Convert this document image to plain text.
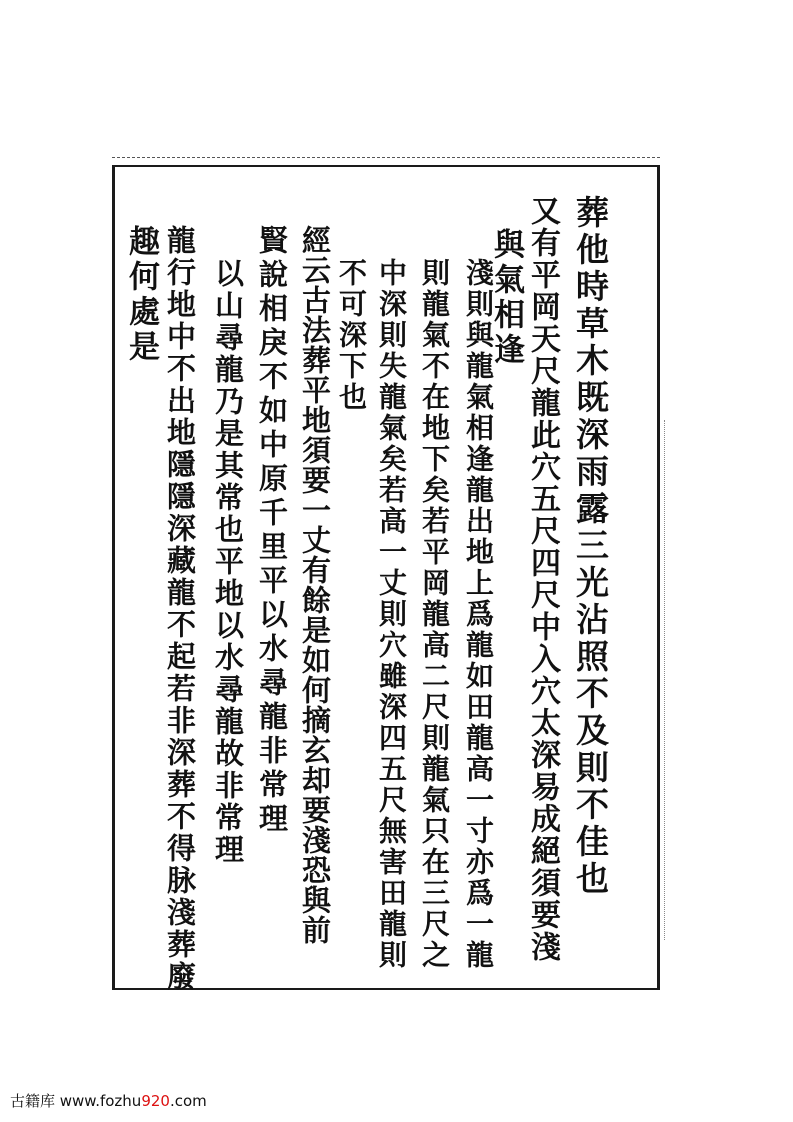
葬他時草木既深雨露三光沾照不及則不佳也
又有平岡天尺龍此穴五尺四尺中入穴太深易成絕須要淺
與氣相逢
淺則與龍氣相逢龍出地上爲龍如田龍高一寸亦爲一龍
則龍氣不在地下矣若平岡龍高二尺則龍氣只在三尺之
中深則失龍氣矣若高一丈則穴雖深四五尺無害田龍則
不可深下也
經云古法葬平地須要一丈有餘是如何摘玄却要淺恐與前
賢說相戾不如中原千里平以水尋龍非常理
以山尋龍乃是其常也平地以水尋龍故非常理
龍行地中不出地隱隱深藏龍不起若非深葬不得脉淺葬廢
趣何處是
古籍库 www.fozhu920.com
